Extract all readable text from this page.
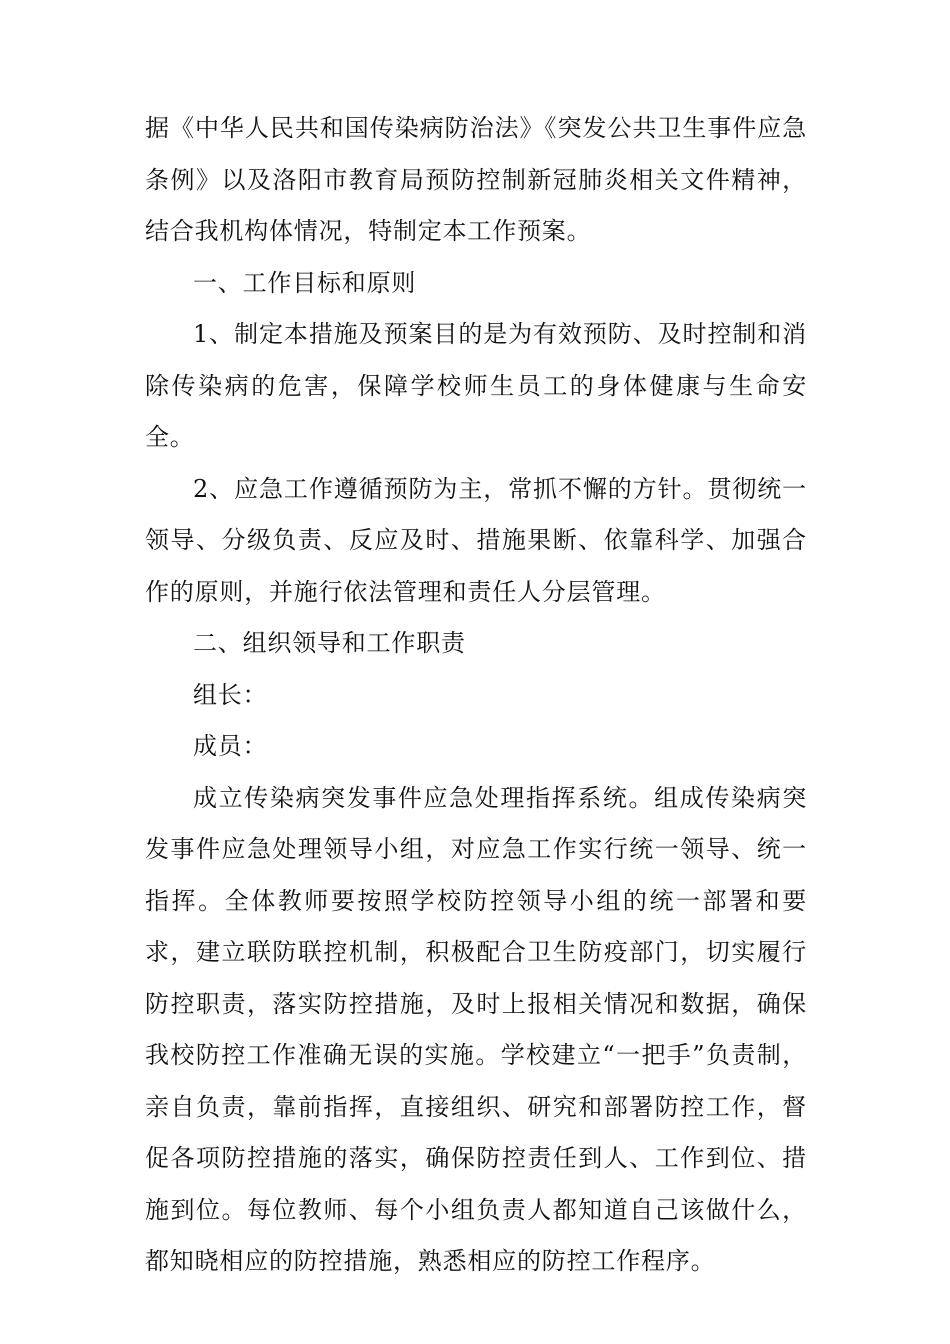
据《中华人民共和国传染病防治法》《突发公共卫生事件应急条例》以及洛阳市教育局预防控制新冠肺炎相关文件精神，结合我机构体情况，特制定本工作预案。

一、工作目标和原则

1、制定本措施及预案目的是为有效预防、及时控制和消除传染病的危害，保障学校师生员工的身体健康与生命安全。

2、应急工作遵循预防为主，常抓不懈的方针。贯彻统一领导、分级负责、反应及时、措施果断、依靠科学、加强合作的原则，并施行依法管理和责任人分层管理。

二、组织领导和工作职责

组长：

成员：

成立传染病突发事件应急处理指挥系统。组成传染病突发事件应急处理领导小组，对应急工作实行统一领导、统一指挥。全体教师要按照学校防控领导小组的统一部署和要求，建立联防联控机制，积极配合卫生防疫部门，切实履行防控职责，落实防控措施，及时上报相关情况和数据，确保我校防控工作准确无误的实施。学校建立“一把手”负责制，亲自负责，靠前指挥，直接组织、研究和部署防控工作，督促各项防控措施的落实，确保防控责任到人、工作到位、措施到位。每位教师、每个小组负责人都知道自己该做什么，都知晓相应的防控措施，熟悉相应的防控工作程序。
